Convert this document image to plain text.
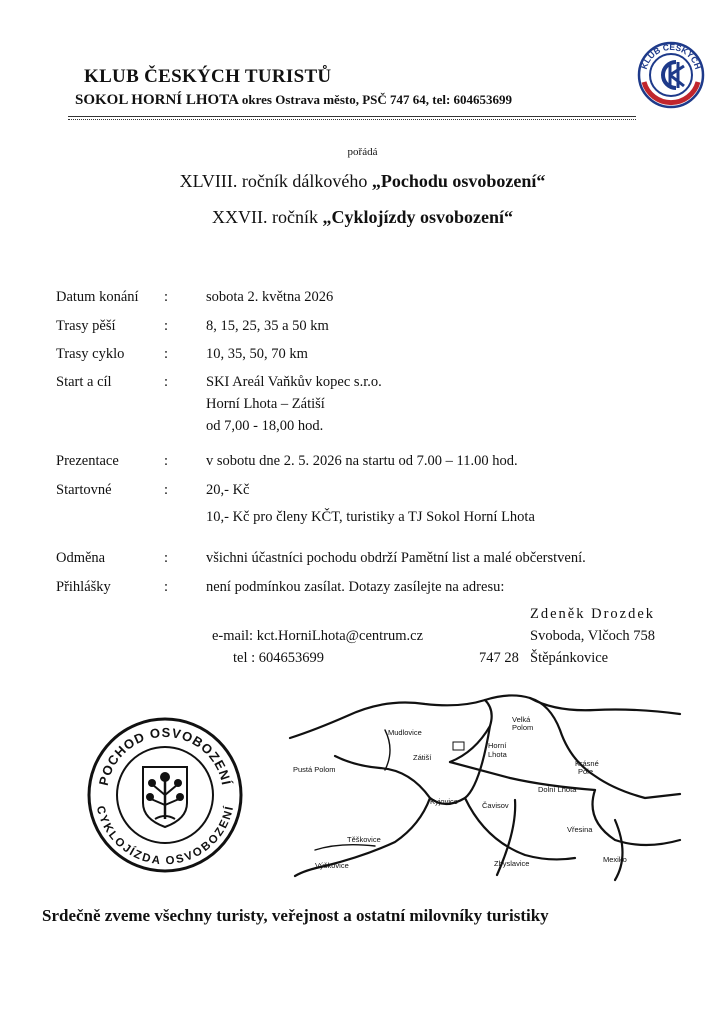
KLUB ČESKÝCH TURISTŮ
SOKOL HORNÍ LHOTA okres Ostrava město, PSČ 747 64, tel: 604653699
KLUB ČESKÝCH
pořádá
XLVIII. ročník dálkového „Pochodu osvobození“
XXVII. ročník „Cyklojízdy osvobození“
Datum konání :	sobota 2. května 2026
Trasy pěší	:	8, 15, 25, 35 a 50 km
Trasy cyklo	:	10, 35, 50, 70 km
Start a cíl	:	SKI Areál Vaňkův kopec s.r.o.
Horní Lhota – Zátiší
od 7,00 - 18,00 hod.
Prezentace	:	v sobotu dne 2. 5. 2026 na startu od 7.00 – 11.00 hod.
Startovné	:	20,- Kč
10,- Kč pro členy KČT, turistiky a TJ Sokol Horní Lhota
Odměna	:	všichni účastníci pochodu obdrží Pamětní list a malé občerstvení.
Přihlášky	:	není podmínkou zasílat. Dotazy zasílejte na adresu:
Zdeněk Drozdek
e-mail: kct.HorniLhota@centrum.cz	Svoboda, Vlčoch 758
tel : 604653699	747 28 Štěpánkovice
POCHOD OSVOBOZENÍ
CYKLOJÍZDA OSVOBOZENÍ
Mudlovice
Zátiší
Horní
Lhota
Velká
Polom
Krásné
Pole
Pustá Polom
Kyjovice	Čavisov
Dolní Lhota
Vřesina
Těškovice
Výškovice	Zbyslavice	Mexiko
Srdečně zveme všechny turisty, veřejnost a ostatní milovníky turistiky
